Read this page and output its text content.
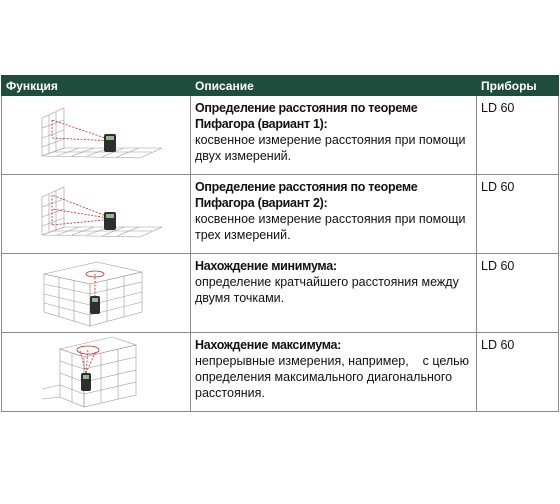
Функция	Описание	Приборы

Определение расстояния по теореме Пифагора (вариант 1):
косвенное измерение расстояния при помощи двух измерений.	LD 60

Определение расстояния по теореме Пифагора (вариант 2):
косвенное измерение расстояния при помощи трех измерений.	LD 60

Нахождение минимума:
определение кратчайшего расстояния между двумя точками.	LD 60

Нахождение максимума:
непрерывные измерения, например,    с целью определения максимального диагонального расстояния.	LD 60
